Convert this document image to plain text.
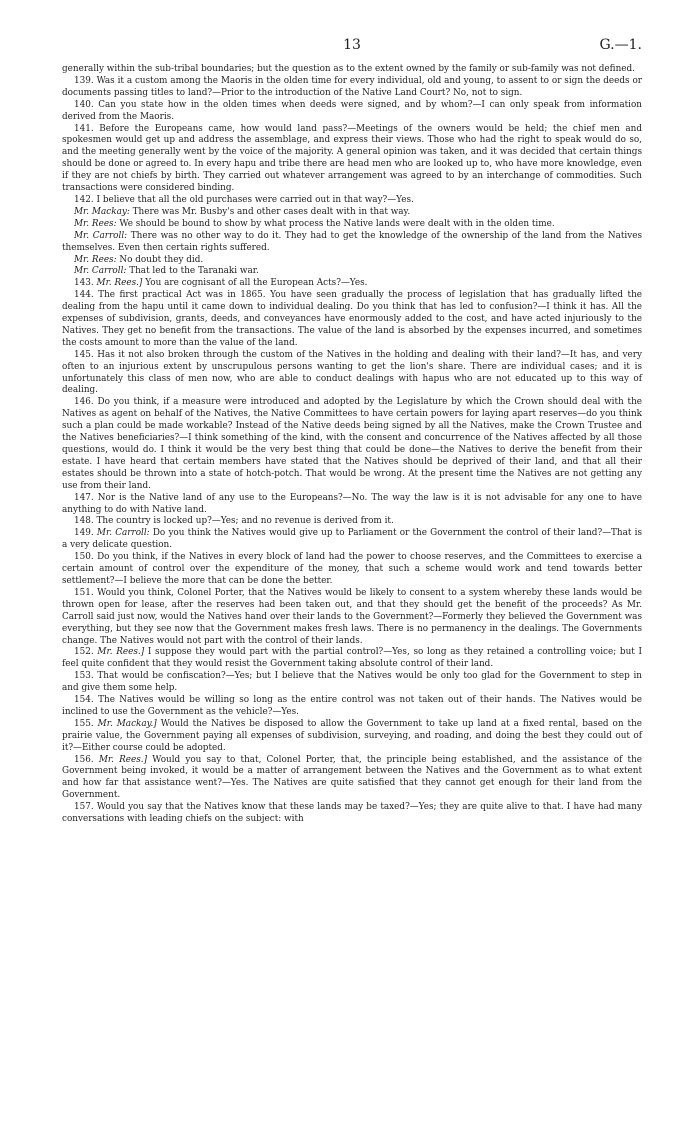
13	G.—1.

generally within the sub-tribal boundaries; but the question as to the extent owned by the family or sub-family was not defined.

139. Was it a custom among the Maoris in the olden time for every individual, old and young, to assent to or sign the deeds or documents passing titles to land?—Prior to the introduction of the Native Land Court? No, not to sign.

140. Can you state how in the olden times when deeds were signed, and by whom?—I can only speak from information derived from the Maoris.

141. Before the Europeans came, how would land pass?—Meetings of the owners would be held; the chief men and spokesmen would get up and address the assemblage, and express their views. Those who had the right to speak would do so, and the meeting generally went by the voice of the majority. A general opinion was taken, and it was decided that certain things should be done or agreed to. In every hapu and tribe there are head men who are looked up to, who have more knowledge, even if they are not chiefs by birth. They carried out whatever arrangement was agreed to by an interchange of commodities. Such transactions were considered binding.

142. I believe that all the old purchases were carried out in that way?—Yes.

Mr. Mackay: There was Mr. Busby's and other cases dealt with in that way.

Mr. Rees: We should be bound to show by what process the Native lands were dealt with in the olden time.

Mr. Carroll: There was no other way to do it. They had to get the knowledge of the ownership of the land from the Natives themselves. Even then certain rights suffered.

Mr. Rees: No doubt they did.

Mr. Carroll: That led to the Taranaki war.

143. Mr. Rees.] You are cognisant of all the European Acts?—Yes.

144. The first practical Act was in 1865. You have seen gradually the process of legislation that has gradually lifted the dealing from the hapu until it came down to individual dealing. Do you think that has led to confusion?—I think it has. All the expenses of subdivision, grants, deeds, and conveyances have enormously added to the cost, and have acted injuriously to the Natives. They get no benefit from the transactions. The value of the land is absorbed by the expenses incurred, and sometimes the costs amount to more than the value of the land.

145. Has it not also broken through the custom of the Natives in the holding and dealing with their land?—It has, and very often to an injurious extent by unscrupulous persons wanting to get the lion's share. There are individual cases; and it is unfortunately this class of men now, who are able to conduct dealings with hapus who are not educated up to this way of dealing.

146. Do you think, if a measure were introduced and adopted by the Legislature by which the Crown should deal with the Natives as agent on behalf of the Natives, the Native Committees to have certain powers for laying apart reserves—do you think such a plan could be made workable? Instead of the Native deeds being signed by all the Natives, make the Crown Trustee and the Natives beneficiaries?—I think something of the kind, with the consent and concurrence of the Natives affected by all those questions, would do. I think it would be the very best thing that could be done—the Natives to derive the benefit from their estate. I have heard that certain members have stated that the Natives should be deprived of their land, and that all their estates should be thrown into a state of hotch-potch. That would be wrong. At the present time the Natives are not getting any use from their land.

147. Nor is the Native land of any use to the Europeans?—No. The way the law is it is not advisable for any one to have anything to do with Native land.

148. The country is locked up?—Yes; and no revenue is derived from it.

149. Mr. Carroll: Do you think the Natives would give up to Parliament or the Government the control of their land?—That is a very delicate question.

150. Do you think, if the Natives in every block of land had the power to choose reserves, and the Committees to exercise a certain amount of control over the expenditure of the money, that such a scheme would work and tend towards better settlement?—I believe the more that can be done the better.

151. Would you think, Colonel Porter, that the Natives would be likely to consent to a system whereby these lands would be thrown open for lease, after the reserves had been taken out, and that they should get the benefit of the proceeds? As Mr. Carroll said just now, would the Natives hand over their lands to the Government?—Formerly they believed the Government was everything, but they see now that the Government makes fresh laws. There is no permanency in the dealings. The Governments change. The Natives would not part with the control of their lands.

152. Mr. Rees.] I suppose they would part with the partial control?—Yes, so long as they retained a controlling voice; but I feel quite confident that they would resist the Government taking absolute control of their land.

153. That would be confiscation?—Yes; but I believe that the Natives would be only too glad for the Government to step in and give them some help.

154. The Natives would be willing so long as the entire control was not taken out of their hands. The Natives would be inclined to use the Government as the vehicle?—Yes.

155. Mr. Mackay.] Would the Natives be disposed to allow the Government to take up land at a fixed rental, based on the prairie value, the Government paying all expenses of subdivision, surveying, and roading, and doing the best they could out of it?—Either course could be adopted.

156. Mr. Rees.] Would you say to that, Colonel Porter, that, the principle being established, and the assistance of the Government being invoked, it would be a matter of arrangement between the Natives and the Government as to what extent and how far that assistance went?—Yes. The Natives are quite satisfied that they cannot get enough for their land from the Government.

157. Would you say that the Natives know that these lands may be taxed?—Yes; they are quite alive to that. I have had many conversations with leading chiefs on the subject: with
